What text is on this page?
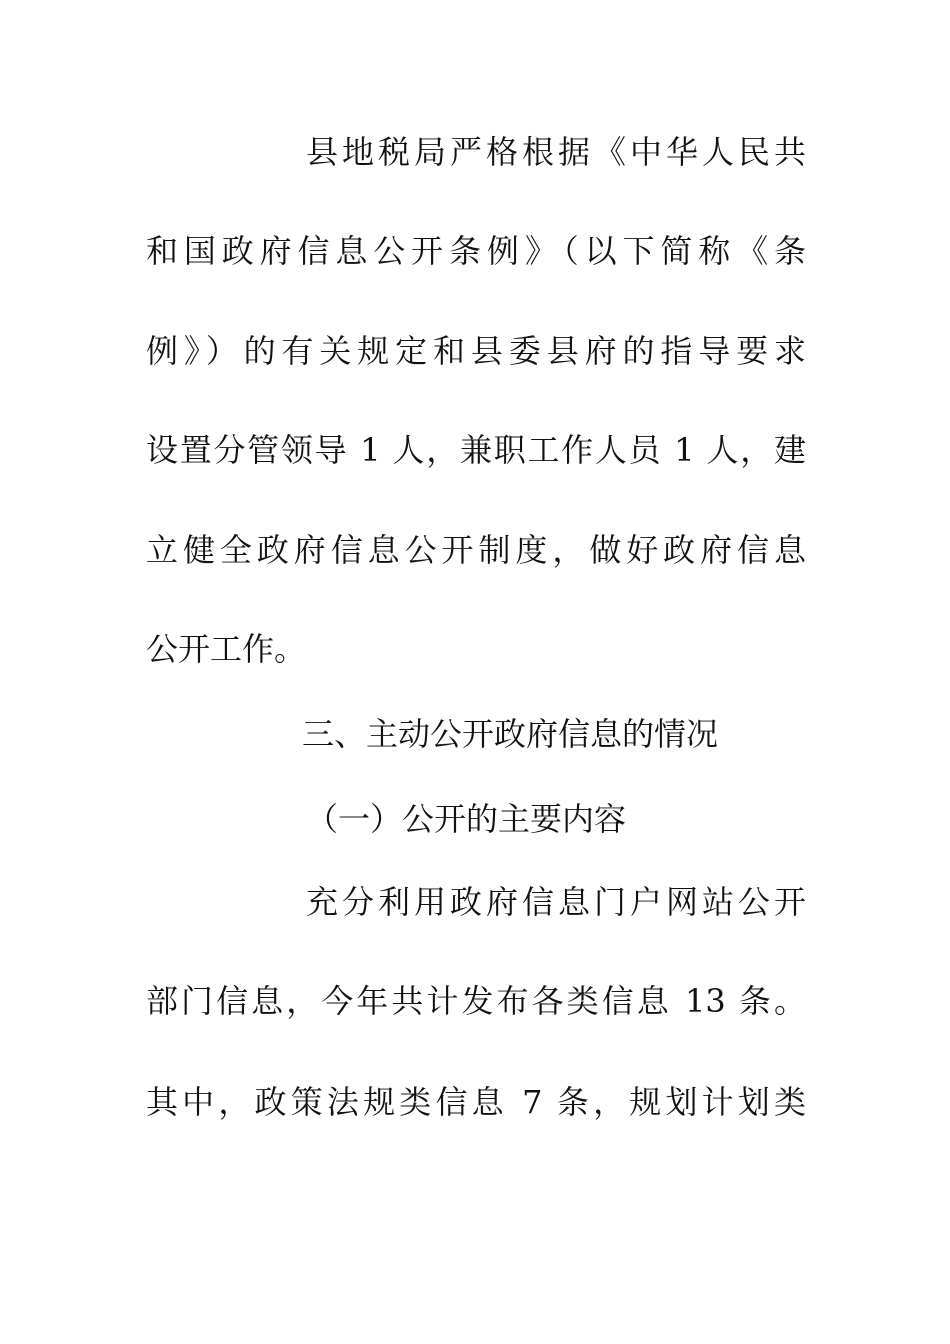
县地税局严格根据《中华人民共
和国政府信息公开条例》（以下简称《条
例》）的有关规定和县委县府的指导要求
设置分管领导 1 人，兼职工作人员 1 人，建
立健全政府信息公开制度，做好政府信息
公开工作。
三、主动公开政府信息的情况
（一）公开的主要内容
充分利用政府信息门户网站公开
部门信息，今年共计发布各类信息 13 条。
其中，政策法规类信息 7 条，规划计划类
